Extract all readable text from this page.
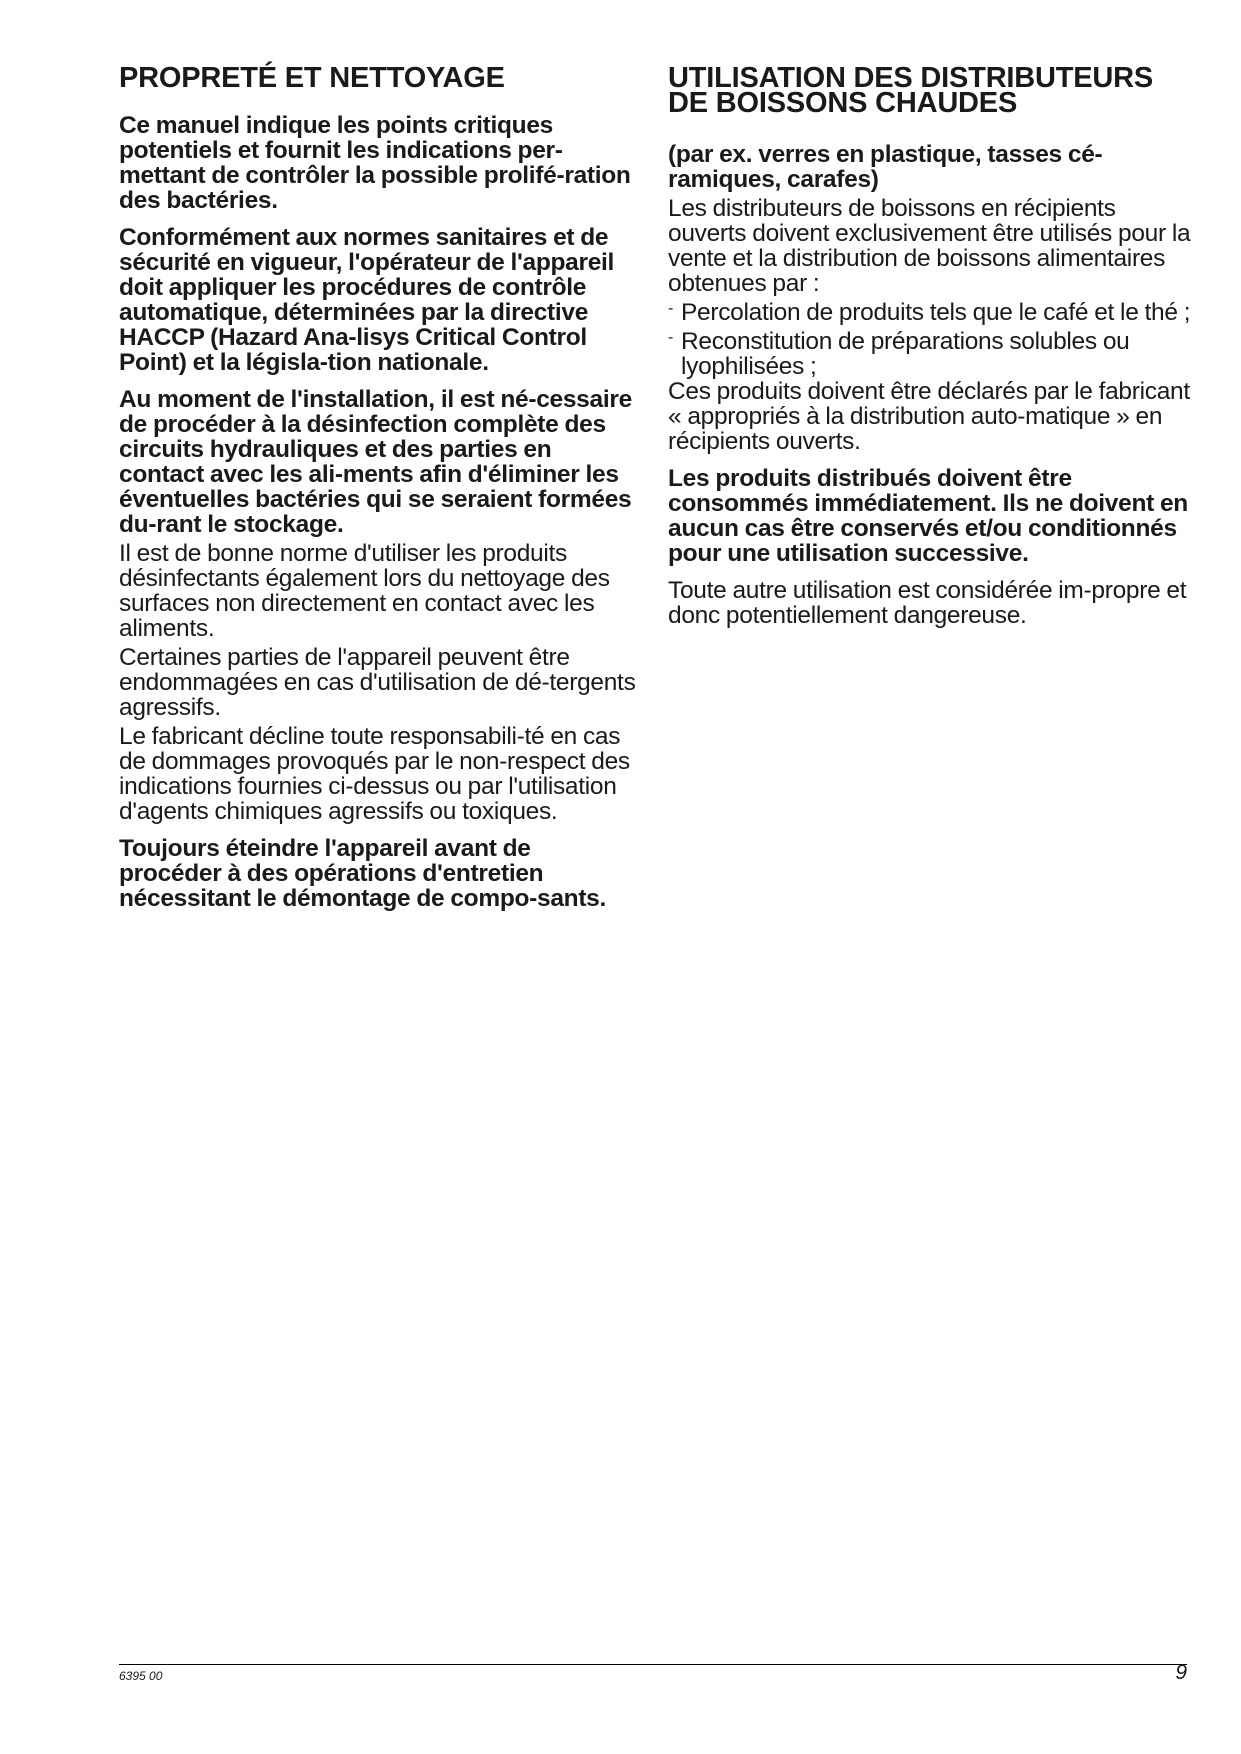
PROPRETÉ ET NETTOYAGE

Ce manuel indique les points critiques potentiels et fournit les indications per-mettant de contrôler la possible prolifé-ration des bactéries.

Conformément aux normes sanitaires et de sécurité en vigueur, l'opérateur de l'appareil doit appliquer les procédures de contrôle automatique, déterminées par la directive HACCP (Hazard Ana-lisys Critical Control Point) et la législa-tion nationale.

Au moment de l'installation, il est né-cessaire de procéder à la désinfection complète des circuits hydrauliques et des parties en contact avec les ali-ments afin d'éliminer les éventuelles bactéries qui se seraient formées du-rant le stockage.

Il est de bonne norme d'utiliser les produits désinfectants également lors du nettoyage des surfaces non directement en contact avec les aliments.

Certaines parties de l'appareil peuvent être endommagées en cas d'utilisation de dé-tergents agressifs.

Le fabricant décline toute responsabili-té en cas de dommages provoqués par le non-respect des indications fournies ci-dessus ou par l'utilisation d'agents chimiques agressifs ou toxiques.

Toujours éteindre l'appareil avant de procéder à des opérations d'entretien nécessitant le démontage de compo-sants.

UTILISATION DES DISTRIBUTEURS DE BOISSONS CHAUDES

(par ex. verres en plastique, tasses cé-ramiques, carafes)

Les distributeurs de boissons en récipients ouverts doivent exclusivement être utilisés pour la vente et la distribution de boissons alimentaires obtenues par :

- Percolation de produits tels que le café et le thé ;

- Reconstitution de préparations solubles ou lyophilisées ;

Ces produits doivent être déclarés par le fabricant « appropriés à la distribution auto-matique » en récipients ouverts.

Les produits distribués doivent être consommés immédiatement. Ils ne doivent en aucun cas être conservés et/ou conditionnés pour une utilisation successive.

Toute autre utilisation est considérée im-propre et donc potentiellement dangereuse.

6395 00	9
